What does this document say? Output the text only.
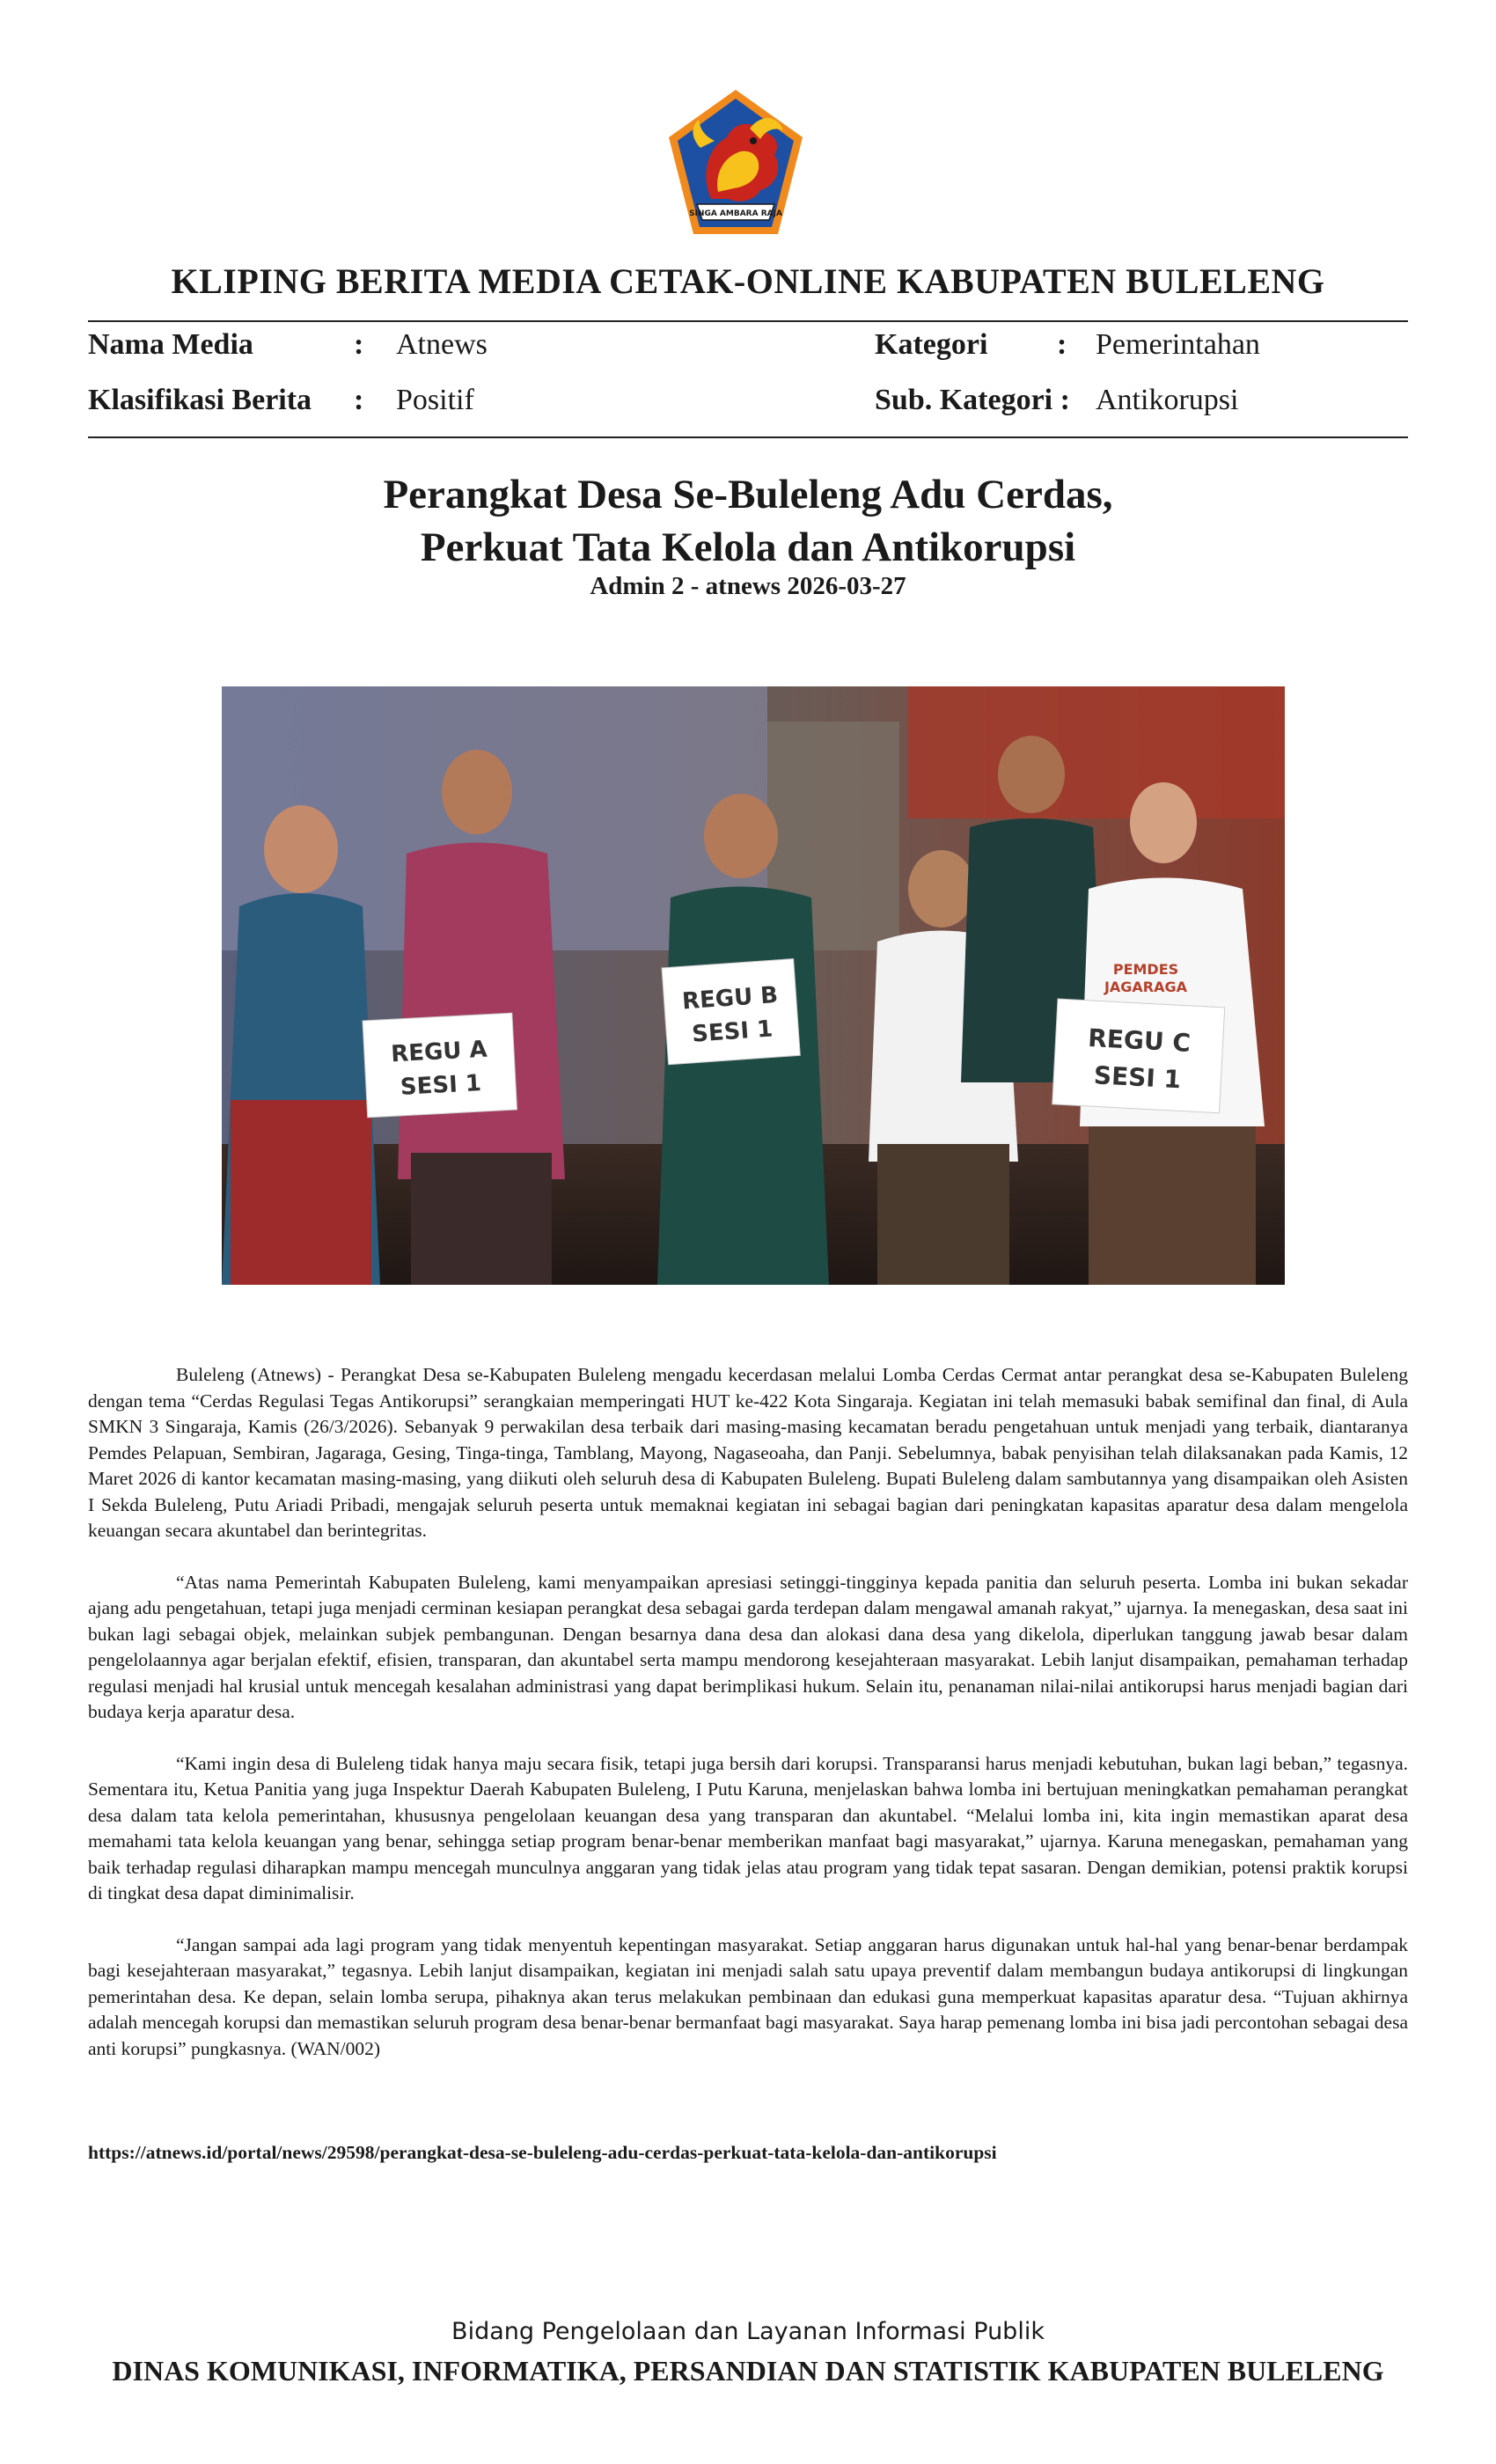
SINGA AMBARA RAJA
KLIPING BERITA MEDIA CETAK-ONLINE KABUPATEN BULELENG
Nama Media	: Atnews	Kategori : Pemerintahan
Klasifikasi Berita : Positif	Sub. Kategori : Antikorupsi
Perangkat Desa Se-Buleleng Adu Cerdas,
Perkuat Tata Kelola dan Antikorupsi
Admin 2 - atnews 2026-03-27
REGU A
SESI 1
REGU B
SESI 1	REGU C
SESI 1
PEMDES
JAGARAGA

Buleleng (Atnews) - Perangkat Desa se-Kabupaten Buleleng mengadu kecerdasan melalui Lomba Cerdas Cermat antar perangkat desa se-Kabupaten Buleleng dengan tema “Cerdas Regulasi Tegas Antikorupsi” serangkaian memperingati HUT ke-422 Kota Singaraja. Kegiatan ini telah memasuki babak semifinal dan final, di Aula SMKN 3 Singaraja, Kamis (26/3/2026). Sebanyak 9 perwakilan desa terbaik dari masing-masing kecamatan beradu pengetahuan untuk menjadi yang terbaik, diantaranya Pemdes Pelapuan, Sembiran, Jagaraga, Gesing, Tinga-tinga, Tamblang, Mayong, Nagaseoaha, dan Panji. Sebelumnya, babak penyisihan telah dilaksanakan pada Kamis, 12 Maret 2026 di kantor kecamatan masing-masing, yang diikuti oleh seluruh desa di Kabupaten Buleleng. Bupati Buleleng dalam sambutannya yang disampaikan oleh Asisten I Sekda Buleleng, Putu Ariadi Pribadi, mengajak seluruh peserta untuk memaknai kegiatan ini sebagai bagian dari peningkatan kapasitas aparatur desa dalam mengelola keuangan secara akuntabel dan berintegritas.

“Atas nama Pemerintah Kabupaten Buleleng, kami menyampaikan apresiasi setinggi-tingginya kepada panitia dan seluruh peserta. Lomba ini bukan sekadar ajang adu pengetahuan, tetapi juga menjadi cerminan kesiapan perangkat desa sebagai garda terdepan dalam mengawal amanah rakyat,” ujarnya. Ia menegaskan, desa saat ini bukan lagi sebagai objek, melainkan subjek pembangunan. Dengan besarnya dana desa dan alokasi dana desa yang dikelola, diperlukan tanggung jawab besar dalam pengelolaannya agar berjalan efektif, efisien, transparan, dan akuntabel serta mampu mendorong kesejahteraan masyarakat. Lebih lanjut disampaikan, pemahaman terhadap regulasi menjadi hal krusial untuk mencegah kesalahan administrasi yang dapat berimplikasi hukum. Selain itu, penanaman nilai-nilai antikorupsi harus menjadi bagian dari budaya kerja aparatur desa.

“Kami ingin desa di Buleleng tidak hanya maju secara fisik, tetapi juga bersih dari korupsi. Transparansi harus menjadi kebutuhan, bukan lagi beban,” tegasnya. Sementara itu, Ketua Panitia yang juga Inspektur Daerah Kabupaten Buleleng, I Putu Karuna, menjelaskan bahwa lomba ini bertujuan meningkatkan pemahaman perangkat desa dalam tata kelola pemerintahan, khususnya pengelolaan keuangan desa yang transparan dan akuntabel. “Melalui lomba ini, kita ingin memastikan aparat desa memahami tata kelola keuangan yang benar, sehingga setiap program benar-benar memberikan manfaat bagi masyarakat,” ujarnya. Karuna menegaskan, pemahaman yang baik terhadap regulasi diharapkan mampu mencegah munculnya anggaran yang tidak jelas atau program yang tidak tepat sasaran. Dengan demikian, potensi praktik korupsi di tingkat desa dapat diminimalisir.

“Jangan sampai ada lagi program yang tidak menyentuh kepentingan masyarakat. Setiap anggaran harus digunakan untuk hal-hal yang benar-benar berdampak bagi kesejahteraan masyarakat,” tegasnya. Lebih lanjut disampaikan, kegiatan ini menjadi salah satu upaya preventif dalam membangun budaya antikorupsi di lingkungan pemerintahan desa. Ke depan, selain lomba serupa, pihaknya akan terus melakukan pembinaan dan edukasi guna memperkuat kapasitas aparatur desa. “Tujuan akhirnya adalah mencegah korupsi dan memastikan seluruh program desa benar-benar bermanfaat bagi masyarakat. Saya harap pemenang lomba ini bisa jadi percontohan sebagai desa anti korupsi” pungkasnya. (WAN/002)

https://atnews.id/portal/news/29598/perangkat-desa-se-buleleng-adu-cerdas-perkuat-tata-kelola-dan-antikorupsi
Bidang Pengelolaan dan Layanan Informasi Publik
DINAS KOMUNIKASI, INFORMATIKA, PERSANDIAN DAN STATISTIK KABUPATEN BULELENG
